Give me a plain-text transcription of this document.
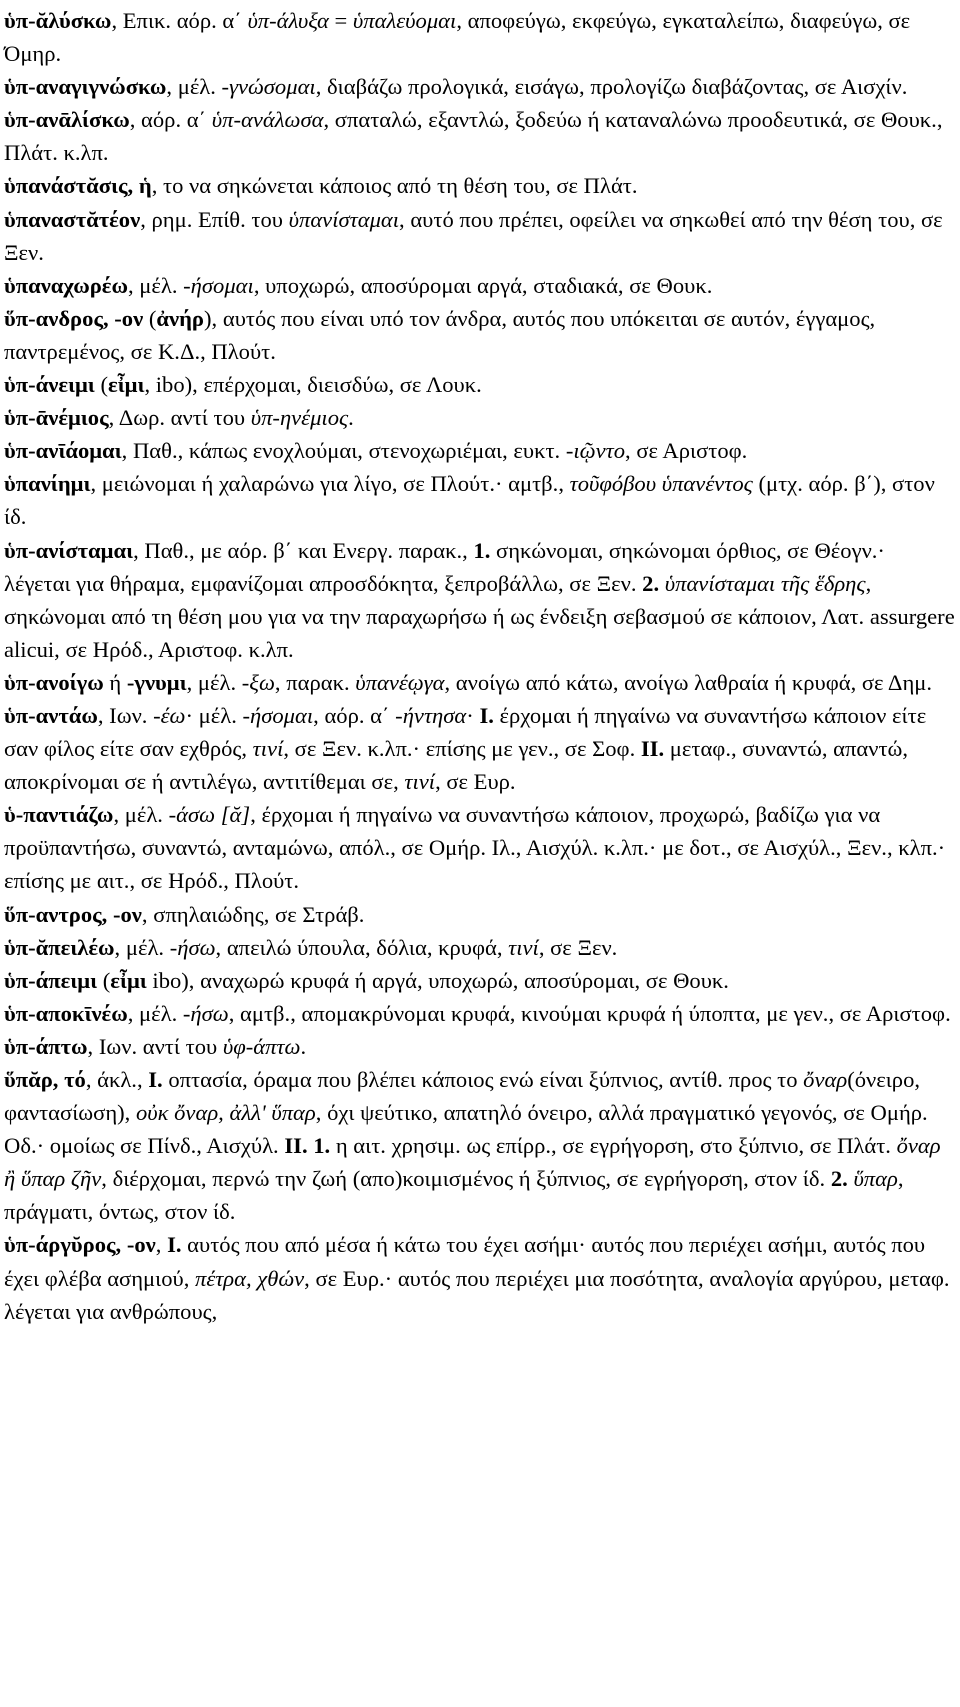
ὑπ-ᾰλύσκω, Επικ. αόρ. α΄ ὑπ-άλυξα = ὑπαλεύομαι, αποφεύγω, εκφεύγω, εγκαταλείπω, διαφεύγω, σε Όμηρ.

ὑπ-αναγιγνώσκω, μέλ. -γνώσομαι, διαβάζω προλογικά, εισάγω, προλογίζω διαβάζοντας, σε Αισχίν.

ὑπ-ανᾱλίσκω, αόρ. α΄ ὑπ-ανάλωσα, σπαταλώ, εξαντλώ, ξοδεύω ή καταναλώνω προοδευτικά, σε Θουκ., Πλάτ. κ.λπ.

ὑπανάστᾰσις, ἡ, το να σηκώνεται κάποιος από τη θέση του, σε Πλάτ.

ὑπαναστᾰτέον, ρημ. Επίθ. του ὑπανίσταμαι, αυτό που πρέπει, οφείλει να σηκωθεί από την θέση του, σε Ξεν.

ὑπαναχωρέω, μέλ. -ήσομαι, υποχωρώ, αποσύρομαι αργά, σταδιακά, σε Θουκ.

ὕπ-ανδρος, -ον (ἀνήρ), αυτός που είναι υπό τον άνδρα, αυτός που υπόκειται σε αυτόν, έγγαμος, παντρεμένος, σε Κ.Δ., Πλούτ.

ὑπ-άνειμι (εἶμι, ibo), επέρχομαι, διεισδύω, σε Λουκ.

ὑπ-ᾱνέμιος, Δωρ. αντί του ὑπ-ηνέμιος.

ὑπ-ανῑάομαι, Παθ., κάπως ενοχλούμαι, στενοχωριέμαι, ευκτ. -ιῷντο, σε Αριστοφ.

ὑπανίημι, μειώνομαι ή χαλαρώνω για λίγο, σε Πλούτ.· αμτβ., τοῦφόβου ὑπανέντος (μτχ. αόρ. β΄), στον ίδ.

ὑπ-ανίσταμαι, Παθ., με αόρ. β΄ και Ενεργ. παρακ., 1. σηκώνομαι, σηκώνομαι όρθιος, σε Θέογν.· λέγεται για θήραμα, εμφανίζομαι απροσδόκητα, ξεπροβάλλω, σε Ξεν. 2. ὑπανίσταμαι τῆς ἕδρης, σηκώνομαι από τη θέση μου για να την παραχωρήσω ή ως ένδειξη σεβασμού σε κάποιον, Λατ. assurgere alicui, σε Ηρόδ., Αριστοφ. κ.λπ.

ὑπ-ανοίγω ή -γνυμι, μέλ. -ξω, παρακ. ὑπανέῳγα, ανοίγω από κάτω, ανοίγω λαθραία ή κρυφά, σε Δημ.

ὑπ-αντάω, Ιων. -έω· μέλ. -ήσομαι, αόρ. α΄ -ήντησα· I. έρχομαι ή πηγαίνω να συναντήσω κάποιον είτε σαν φίλος είτε σαν εχθρός, τινί, σε Ξεν. κ.λπ.· επίσης με γεν., σε Σοφ. II. μεταφ., συναντώ, απαντώ, αποκρίνομαι σε ή αντιλέγω, αντιτίθεμαι σε, τινί, σε Ευρ.

ὑ-παντιάζω, μέλ. -άσω [ᾰ], έρχομαι ή πηγαίνω να συναντήσω κάποιον, προχωρώ, βαδίζω για να προϋπαντήσω, συναντώ, ανταμώνω, απόλ., σε Ομήρ. Ιλ., Αισχύλ. κ.λπ.· με δοτ., σε Αισχύλ., Ξεν., κλπ.· επίσης με αιτ., σε Ηρόδ., Πλούτ.

ὕπ-αντρος, -ον, σπηλαιώδης, σε Στράβ.

ὑπ-ᾰπειλέω, μέλ. -ήσω, απειλώ ύπουλα, δόλια, κρυφά, τινί, σε Ξεν.

ὑπ-άπειμι (εἶμι ibo), αναχωρώ κρυφά ή αργά, υποχωρώ, αποσύρομαι, σε Θουκ.

ὑπ-αποκῑνέω, μέλ. -ήσω, αμτβ., απομακρύνομαι κρυφά, κινούμαι κρυφά ή ύποπτα, με γεν., σε Αριστοφ.

ὑπ-άπτω, Ιων. αντί του ὑφ-άπτω.

ὕπᾰρ, τό, άκλ., I. οπτασία, όραμα που βλέπει κάποιος ενώ είναι ξύπνιος, αντίθ. προς το ὄναρ(όνειρο, φαντασίωση), οὐκ ὄναρ, ἀλλ' ὕπαρ, όχι ψεύτικο, απατηλό όνειρο, αλλά πραγματικό γεγονός, σε Ομήρ. Οδ.· ομοίως σε Πίνδ., Αισχύλ. II. 1. η αιτ. χρησιμ. ως επίρρ., σε εγρήγορση, στο ξύπνιο, σε Πλάτ. ὄναρ ἢ ὕπαρ ζῆν, διέρχομαι, περνώ την ζωή (απο)κοιμισμένος ή ξύπνιος, σε εγρήγορση, στον ίδ. 2. ὕπαρ, πράγματι, όντως, στον ίδ.

ὑπ-άργῠρος, -ον, I. αυτός που από μέσα ή κάτω του έχει ασήμι· αυτός που περιέχει ασήμι, αυτός που έχει φλέβα ασημιού, πέτρα, χθών, σε Ευρ.· αυτός που περιέχει μια ποσότητα, αναλογία αργύρου, μεταφ. λέγεται για ανθρώπους,
